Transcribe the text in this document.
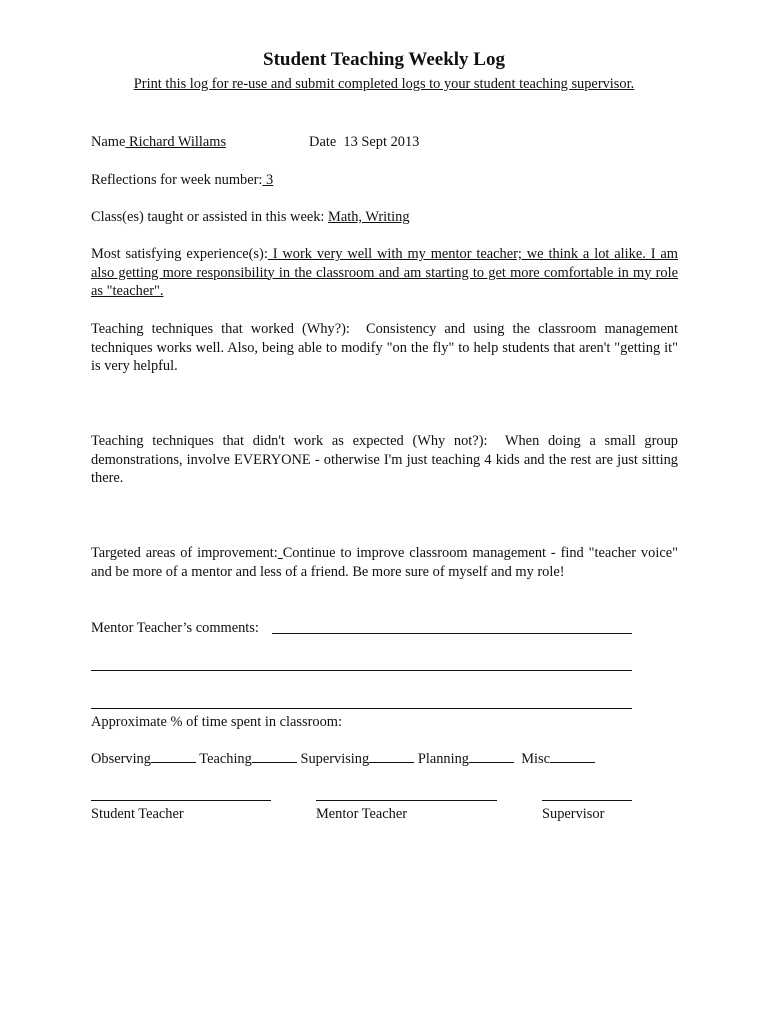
Student Teaching Weekly Log
Print this log for re-use and submit completed logs to your student teaching supervisor.
Name Richard Willams	Date 13 Sept 2013
Reflections for week number: 3
Class(es) taught or assisted in this week: Math, Writing
Most satisfying experience(s): I work very well with my mentor teacher; we think a lot alike. I am also getting more responsibility in the classroom and am starting to get more comfortable in my role as "teacher".
Teaching techniques that worked (Why?): Consistency and using the classroom management techniques works well. Also, being able to modify "on the fly" to help students that aren't "getting it" is very helpful.
Teaching techniques that didn't work as expected (Why not?): When doing a small group demonstrations, involve EVERYONE - otherwise I'm just teaching 4 kids and the rest are just sitting there.
Targeted areas of improvement: Continue to improve classroom management - find "teacher voice" and be more of a mentor and less of a friend. Be more sure of myself and my role!
Mentor Teacher’s comments:
Approximate % of time spent in classroom:
Observing	Teaching	Supervising	Planning	Misc
Student Teacher	Mentor Teacher	Supervisor
